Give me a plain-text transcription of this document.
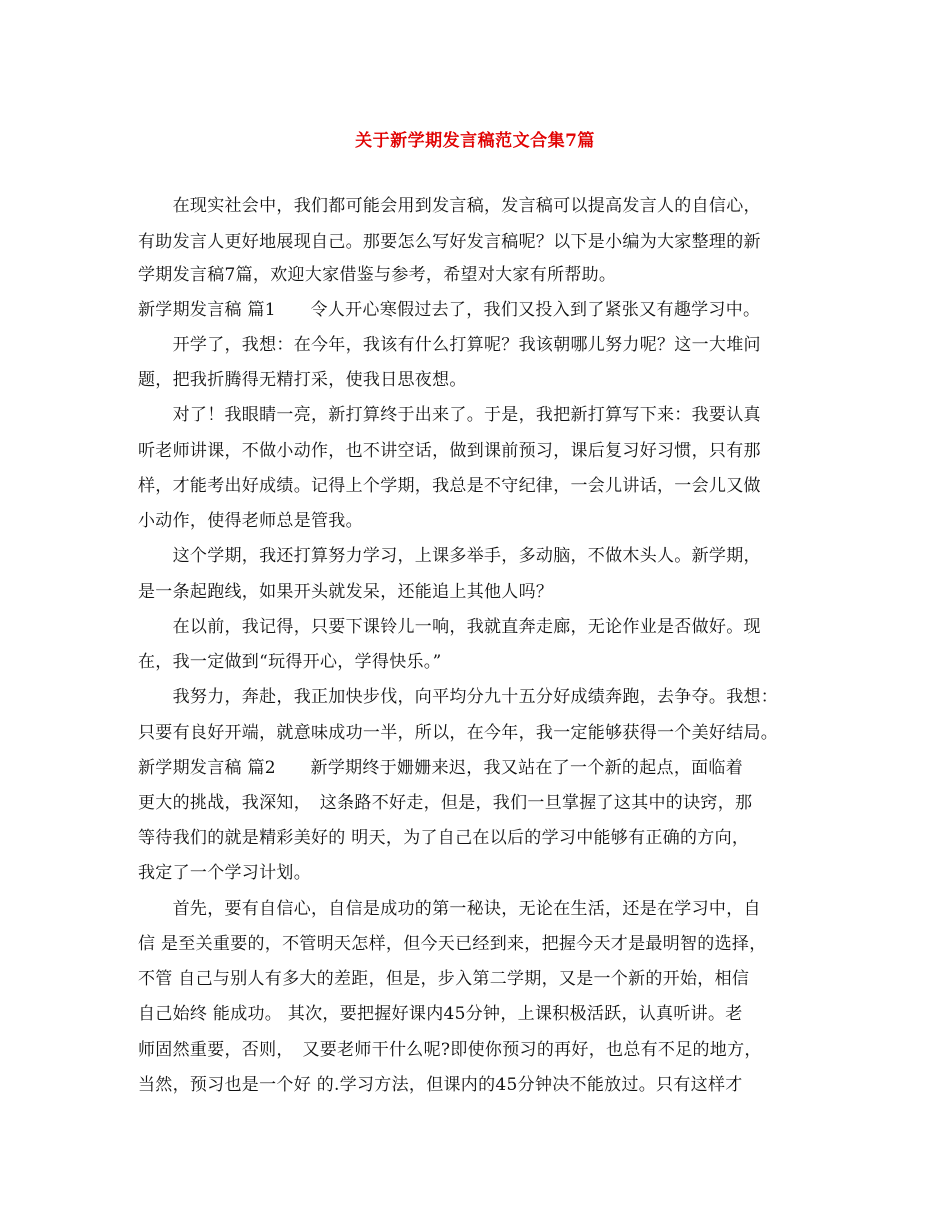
关于新学期发言稿范文合集7篇
　　在现实社会中，我们都可能会用到发言稿，发言稿可以提高发言人的自信心，
有助发言人更好地展现自己。那要怎么写好发言稿呢？以下是小编为大家整理的新
学期发言稿7篇，欢迎大家借鉴与参考，希望对大家有所帮助。
新学期发言稿 篇1　　令人开心寒假过去了，我们又投入到了紧张又有趣学习中。
　　开学了，我想：在今年，我该有什么打算呢？我该朝哪儿努力呢？这一大堆问
题，把我折腾得无精打采，使我日思夜想。
　　对了！我眼睛一亮，新打算终于出来了。于是，我把新打算写下来：我要认真
听老师讲课，不做小动作，也不讲空话，做到课前预习，课后复习好习惯，只有那
样，才能考出好成绩。记得上个学期，我总是不守纪律，一会儿讲话，一会儿又做
小动作，使得老师总是管我。
　　这个学期，我还打算努力学习，上课多举手，多动脑，不做木头人。新学期，
是一条起跑线，如果开头就发呆，还能追上其他人吗？
　　在以前，我记得，只要下课铃儿一响，我就直奔走廊，无论作业是否做好。现
在，我一定做到“玩得开心，学得快乐。”
　　我努力，奔赴，我正加快步伐，向平均分九十五分好成绩奔跑，去争夺。我想：
只要有良好开端，就意味成功一半，所以，在今年，我一定能够获得一个美好结局。
新学期发言稿 篇2　　新学期终于姗姗来迟，我又站在了一个新的起点，面临着
更大的挑战，我深知，　这条路不好走，但是，我们一旦掌握了这其中的诀窍，那
等待我们的就是精彩美好的 明天，为了自己在以后的学习中能够有正确的方向，
我定了一个学习计划。
　　首先，要有自信心，自信是成功的第一秘诀，无论在生活，还是在学习中，自
信 是至关重要的，不管明天怎样，但今天已经到来，把握今天才是最明智的选择，
不管 自己与别人有多大的差距，但是，步入第二学期，又是一个新的开始，相信
自己始终 能成功。 其次，要把握好课内45分钟，上课积极活跃，认真听讲。老
师固然重要，否则，　又要老师干什么呢?即使你预习的再好，也总有不足的地方，
当然，预习也是一个好 的.学习方法，但课内的45分钟决不能放过。只有这样才
